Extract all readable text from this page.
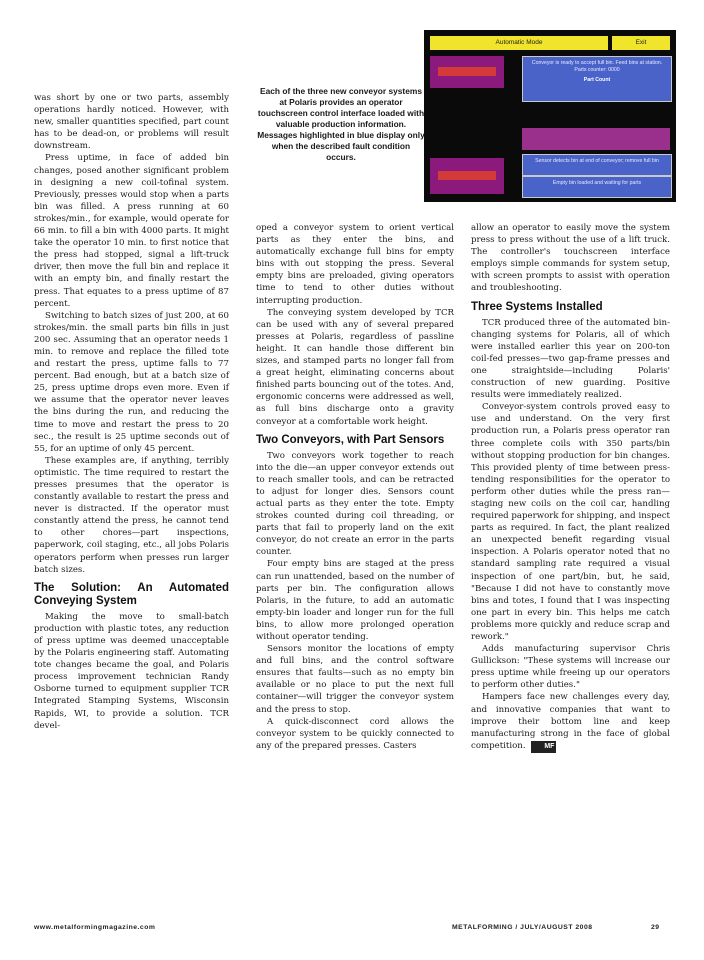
Automatic Mode	Exit
Conveyor is ready to accept full bin. Feed bins at station. Parts counter: 0000
Part Count
Sensor detects bin at end of conveyor; remove full bin
Empty bin loaded and waiting for parts
Each of the three new conveyor systems at Polaris provides an operator touchscreen control interface loaded with valuable production information. Messages highlighted in blue display only when the described fault condition occurs.

was short by one or two parts, assembly operations hardly noticed. However, with new, smaller quantities specified, part count has to be dead-on, or problems will result downstream.

Press uptime, in face of added bin changes, posed another significant problem in designing a new coil-tofinal system. Previously, presses would stop when a parts bin was filled. A press running at 60 strokes/min., for example, would operate for 66 min. to fill a bin with 4000 parts. It might take the operator 10 min. to first notice that the press had stopped, signal a lift-truck driver, then move the full bin and replace it with an empty bin, and finally restart the press. That equates to a press uptime of 87 percent.

Switching to batch sizes of just 200, at 60 strokes/min. the small parts bin fills in just 200 sec. Assuming that an operator needs 1 min. to remove and replace the filled tote and restart the press, uptime falls to 77 percent. Bad enough, but at a batch size of 25, press uptime drops even more. Even if we assume that the operator never leaves the bins during the run, and reducing the time to move and restart the press to 20 sec., the result is 25 uptime seconds out of 55, for an uptime of only 45 percent.

These examples are, if anything, terribly optimistic. The time required to restart the presses presumes that the operator is constantly available to restart the press and never is distracted. If the operator must constantly attend the press, he cannot tend to other chores—part inspections, paperwork, coil staging, etc., all jobs Polaris operators perform when presses run larger batch sizes.

The Solution: An Automated Conveying System

Making the move to small-batch production with plastic totes, any reduction of press uptime was deemed unacceptable by the Polaris engineering staff. Automating tote changes became the goal, and Polaris process improvement technician Randy Osborne turned to equipment supplier TCR Integrated Stamping Systems, Wisconsin Rapids, WI, to provide a solution. TCR devel-

oped a conveyor system to orient vertical parts as they enter the bins, and automatically exchange full bins for empty bins with out stopping the press. Several empty bins are preloaded, giving operators time to tend to other duties without interrupting production.

The conveying system developed by TCR can be used with any of several prepared presses at Polaris, regardless of passline height. It can handle those different bin sizes, and stamped parts no longer fall from a great height, eliminating concerns about finished parts bouncing out of the totes. And, ergonomic concerns were addressed as well, as full bins discharge onto a gravity conveyor at a comfortable work height.

Two Conveyors, with Part Sensors

Two conveyors work together to reach into the die—an upper conveyor extends out to reach smaller tools, and can be retracted to adjust for longer dies. Sensors count actual parts as they enter the tote. Empty strokes counted during coil threading, or parts that fail to properly land on the exit conveyor, do not create an error in the parts counter.

Four empty bins are staged at the press can run unattended, based on the number of parts per bin. The configuration allows Polaris, in the future, to add an automatic empty-bin loader and longer run for the full bins, to allow more prolonged operation without operator tending.

Sensors monitor the locations of empty and full bins, and the control software ensures that faults—such as no empty bin available or no place to put the next full container—will trigger the conveyor system and the press to stop.

A quick-disconnect cord allows the conveyor system to be quickly connected to any of the prepared presses. Casters

allow an operator to easily move the system press to press without the use of a lift truck. The controller's touchscreen interface employs simple commands for system setup, with screen prompts to assist with operation and troubleshooting.

Three Systems Installed

TCR produced three of the automated bin-changing systems for Polaris, all of which were installed earlier this year on 200-ton coil-fed presses—two gap-frame presses and one straightside—including Polaris' construction of new guarding. Positive results were immediately realized.

Conveyor-system controls proved easy to use and understand. On the very first production run, a Polaris press operator ran three complete coils with 350 parts/bin without stopping production for bin changes. This provided plenty of time between press-tending responsibilities for the operator to perform other duties while the press ran—staging new coils on the coil car, handling required paperwork for shipping, and inspect parts as required. In fact, the plant realized an unexpected benefit regarding visual inspection. A Polaris operator noted that no standard sampling rate required a visual inspection of one part/bin, but, he said, "Because I did not have to constantly move bins and totes, I found that I was inspecting one part in every bin. This helps me catch problems more quickly and reduce scrap and rework."

Adds manufacturing supervisor Chris Gullickson: "These systems will increase our press uptime while freeing up our operators to perform other duties."

Hampers face new challenges every day, and innovative companies that want to improve their bottom line and keep manufacturing strong in the face of global competition.	MF

www.metalformingmagazine.com	METALFORMING / JULY/AUGUST 2008	29
